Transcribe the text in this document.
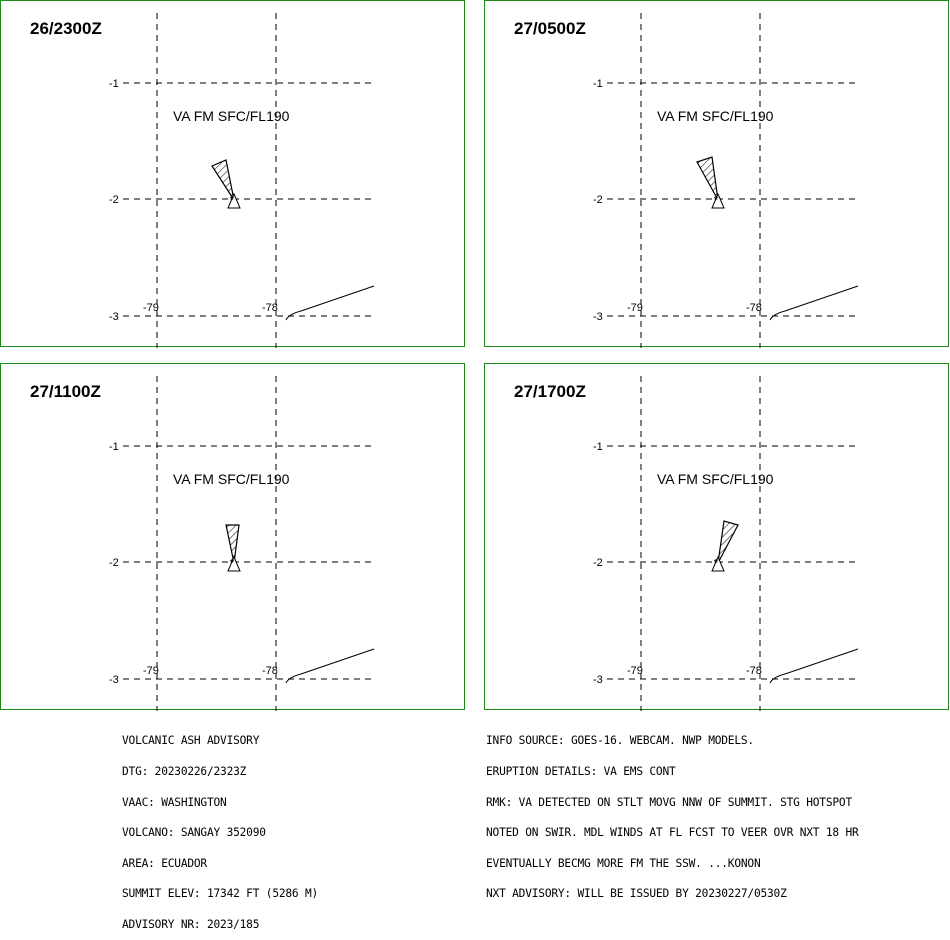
*
-1
-2
-3
-79	-78
26/2300Z
VA FM SFC/FL190
*
-1
-2
-3
-79	-78
27/0500Z
VA FM SFC/FL190
*
-1
-2
-3
-79	-78
27/1100Z
VA FM SFC/FL190
*
-1
-2
-3
-79	-78
27/1700Z
VA FM SFC/FL190

VOLCANIC ASH ADVISORY

DTG: 20230226/2323Z

VAAC: WASHINGTON

VOLCANO: SANGAY 352090

AREA: ECUADOR

SUMMIT ELEV: 17342 FT (5286 M)

ADVISORY NR: 2023/185

INFO SOURCE: GOES-16. WEBCAM. NWP MODELS.

ERUPTION DETAILS: VA EMS CONT

RMK: VA DETECTED ON STLT MOVG NNW OF SUMMIT. STG HOTSPOT

NOTED ON SWIR. MDL WINDS AT FL FCST TO VEER OVR NXT 18 HR

EVENTUALLY BECMG MORE FM THE SSW. ...KONON

NXT ADVISORY: WILL BE ISSUED BY 20230227/0530Z
